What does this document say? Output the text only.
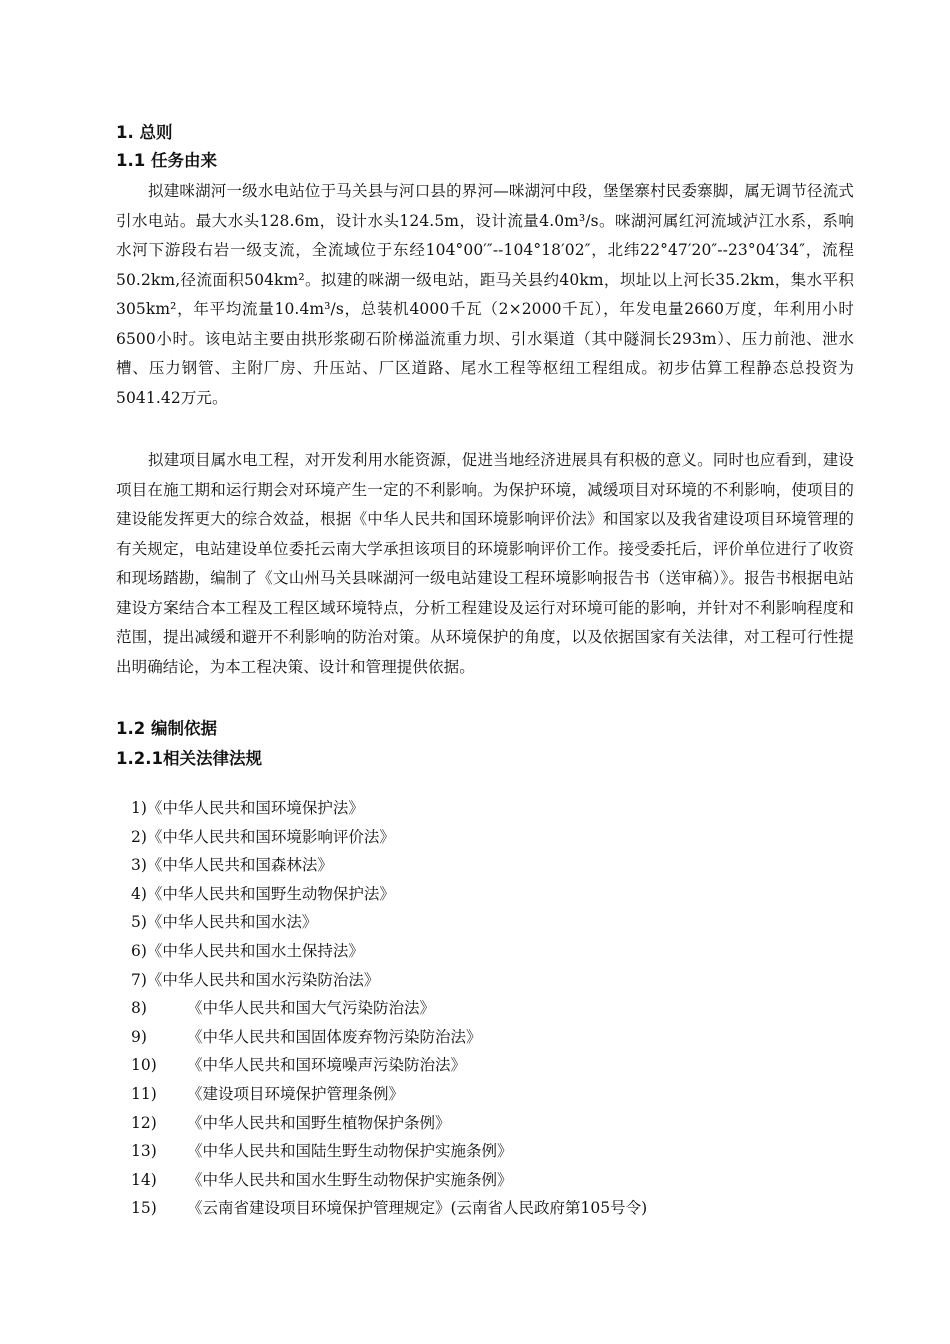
1. 总则
1.1 任务由来
拟建咪湖河一级水电站位于马关县与河口县的界河—咪湖河中段，堡堡寨村民委寨脚，属无调节径流式引水电站。最大水头128.6m，设计水头124.5m，设计流量4.0m³/s。咪湖河属红河流域泸江水系，系响水河下游段右岩一级支流，全流域位于东经104°00′″--104°18′02″，北纬22°47′20″--23°04′34″，流程50.2km,径流面积504km²。拟建的咪湖一级电站，距马关县约40km，坝址以上河长35.2km，集水平积305km²，年平均流量10.4m³/s，总装机4000千瓦（2×2000千瓦），年发电量2660万度，年利用小时6500小时。该电站主要由拱形浆砌石阶梯溢流重力坝、引水渠道（其中隧洞长293m）、压力前池、泄水槽、压力钢管、主附厂房、升压站、厂区道路、尾水工程等枢纽工程组成。初步估算工程静态总投资为5041.42万元。
拟建项目属水电工程，对开发利用水能资源，促进当地经济进展具有积极的意义。同时也应看到，建设项目在施工期和运行期会对环境产生一定的不利影响。为保护环境，减缓项目对环境的不利影响，使项目的建设能发挥更大的综合效益，根据《中华人民共和国环境影响评价法》和国家以及我省建设项目环境管理的有关规定，电站建设单位委托云南大学承担该项目的环境影响评价工作。接受委托后，评价单位进行了收资和现场踏勘，编制了《文山州马关县咪湖河一级电站建设工程环境影响报告书（送审稿）》。报告书根据电站建设方案结合本工程及工程区域环境特点，分析工程建设及运行对环境可能的影响，并针对不利影响程度和范围，提出减缓和避开不利影响的防治对策。从环境保护的角度，以及依据国家有关法律，对工程可行性提出明确结论，为本工程决策、设计和管理提供依据。
1.2 编制依据
1.2.1相关法律法规
1)《中华人民共和国环境保护法》
2)《中华人民共和国环境影响评价法》
3)《中华人民共和国森林法》
4)《中华人民共和国野生动物保护法》
5)《中华人民共和国水法》
6)《中华人民共和国水土保持法》
7)《中华人民共和国水污染防治法》
8)	《中华人民共和国大气污染防治法》
9)	《中华人民共和国固体废弃物污染防治法》
10) 《中华人民共和国环境噪声污染防治法》
11) 《建设项目环境保护管理条例》
12) 《中华人民共和国野生植物保护条例》
13) 《中华人民共和国陆生野生动物保护实施条例》
14) 《中华人民共和国水生野生动物保护实施条例》
15) 《云南省建设项目环境保护管理规定》(云南省人民政府第105号令)
